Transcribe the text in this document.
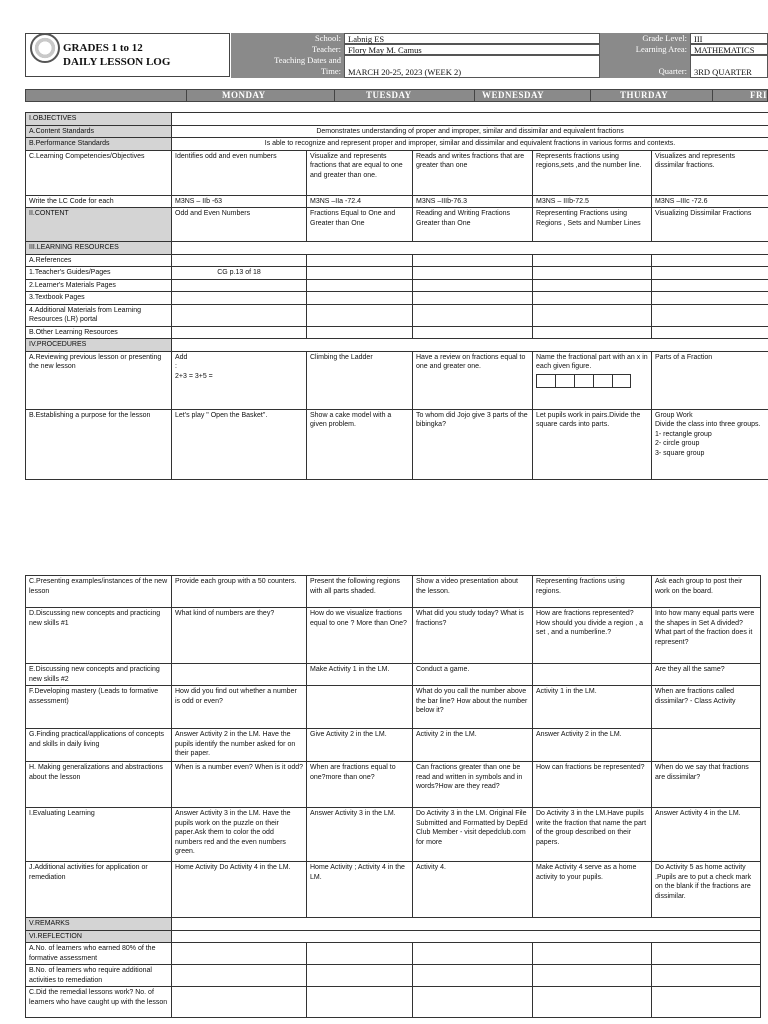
GRADES 1 to 12
DAILY LESSON LOG
School: Labnig ES
Teacher: Flory May M. Camus
Teaching Dates and
Time: MARCH 20-25, 2023 (WEEK 2)
Grade Level: III
Learning Area: MATHEMATICS
Quarter: 3RD QUARTER
MONDAY	TUESDAY	WEDNESDAY	THURDAY	FRI
I.OBJECTIVES					
A.Content Standards	Demonstrates understanding of proper and improper, similar and dissimilar and equivalent fractions				
B.Performance Standards	Is able to recognize and represent proper and improper, similar and dissimilar and equivalent fractions in various forms and contexts.				
C.Learning Competencies/Objectives	Identifies odd and even numbers	Visualize and represents fractions that are equal to one and greater than one.	Reads and writes fractions that are greater than one	Represents fractions using regions,sets ,and the number line.	Visualizes and represents dissimilar fractions.
Write the LC Code for each	M3NS – IIb -63	M3NS –IIa -72.4	M3NS –IIIb-76.3	M3NS – IIIb-72.5	M3NS –IIIc -72.6
II.CONTENT	Odd and Even Numbers	Fractions Equal to One and Greater than One	Reading and Writing Fractions Greater than One	Representing Fractions using Regions , Sets and Number Lines	Visualizing Dissimilar Fractions
III.LEARNING RESOURCES					
A.References					
1.Teacher's Guides/Pages	CG p.13 of 18				
2.Learner's Materials Pages					
3.Textbook Pages					
4.Additional Materials from Learning Resources (LR) portal					
B.Other Learning Resources					
IV.PROCEDURES					
A.Reviewing previous lesson or presenting the new lesson	Add
:
2+3 = 3+5 =	Climbing the Ladder	Have a review on fractions equal to one and greater one.	Name the fractional part with an x in each given figure.	Parts of a Fraction
B.Establishing a purpose for the lesson	Let's play " Open the Basket".	Show a cake model with a given problem.	To whom did Jojo give 3 parts of the bibingka?	Let pupils work in pairs.Divide the square cards into parts.	Group Work
Divide the class into three groups.
1- rectangle group
2- circle group
3- square group
C.Presenting examples/instances of the new lesson	Provide each group with a 50 counters.	Present the following regions with all parts shaded.	Show a video presentation about the lesson.	Representing fractions using regions.	Ask each group to post their work on the board.
D.Discussing new concepts and practicing new skills #1	What kind of numbers are they?	How do we visualize fractions equal to one ? More than One?	What did you study today? What is fractions?	How are fractions represented? How should you divide a region , a set , and a numberline.?	Into how many equal parts were the shapes in Set A divided? What part of the fraction does it represent?
E.Discussing new concepts and practicing new skills #2		Make Activity 1 in the LM.	Conduct a game.		Are they all the same?
F.Developing mastery (Leads to formative assessment)	How did you find out whether a number is odd or even?		What do you call the number above the bar line? How about the number below it?	Activity 1 in the LM.	When are fractions called dissimilar? - Class Activity
G.Finding practical/applications of concepts and skills in daily living	Answer Activity 2 in the LM. Have the pupils identify the number asked for on their paper.	Give Activity 2 in the LM.	Activity 2 in the LM.	Answer Activity 2 in the LM.	
H. Making generalizations and abstractions about the lesson	When is a number even? When is it odd?	When are fractions equal to one?more than one?	Can fractions greater than one be read and written in symbols and in words?How are they read?	How can fractions be represented?	When do we say that fractions are dissimilar?
I.Evaluating Learning	Answer Activity 3 in the LM. Have the pupils work on the puzzle on their paper.Ask them to color the odd numbers red and the even numbers green.	Answer Activity 3 in the LM.	Do Activity 3 in the LM. Original File Submitted and Formatted by DepEd Club Member - visit depedclub.com for more	Do Activity 3 in the LM.Have pupils write the fraction that name the part of the group described on their papers.	Answer Activity 4 in the LM.
J.Additional activities for application or remediation	Home Activity Do Activity 4 in the LM.	Home Activity ; Activity 4 in the LM.	Activity 4.	Make Activity 4 serve as a home activity to your pupils.	Do Activity 5 as home activity .Pupils are to put a check mark on the blank if the fractions are dissimilar.
V.REMARKS					
VI.REFLECTION					
A.No. of learners who earned 80% of the formative assessment					
B.No. of learners who require additional activities to remediation					
C.Did the remedial lessons work? No. of learners who have caught up with the lesson					
